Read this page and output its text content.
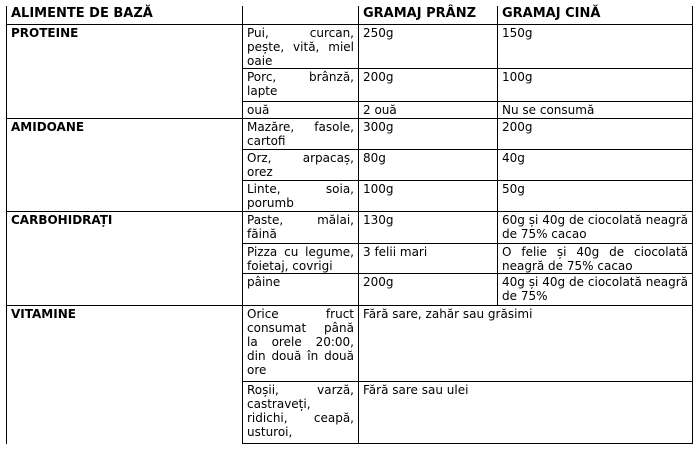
ALIMENTE DE BAZĂ		GRAMAJ PRÂNZ	GRAMAJ CINĂ
PROTEINE	Pui, curcan, pește, vită, miel oaie	250g	150g
	Porc, brânză, lapte	200g	100g
	ouă	2 ouă	Nu se consumă
AMIDOANE	Mazăre, fasole, cartofi	300g	200g
	Orz, arpacaș, orez	80g	40g
	Linte, soia, porumb	100g	50g
CARBOHIDRAȚI	Paste, mălai, făină	130g	60g și 40g de ciocolată neagră de 75% cacao
	Pizza cu legume, foietaj, covrigi	3 felii mari	O felie și 40g de ciocolată neagră de 75% cacao
	pâine	200g	40g și 40g de ciocolată neagră de 75%
VITAMINE	Orice fruct consumat până la orele 20:00, din două în două ore	Fără sare, zahăr sau grăsimi	
	Roșii, varză, castraveți, ridichi, ceapă, usturoi,	Fără sare sau ulei	
